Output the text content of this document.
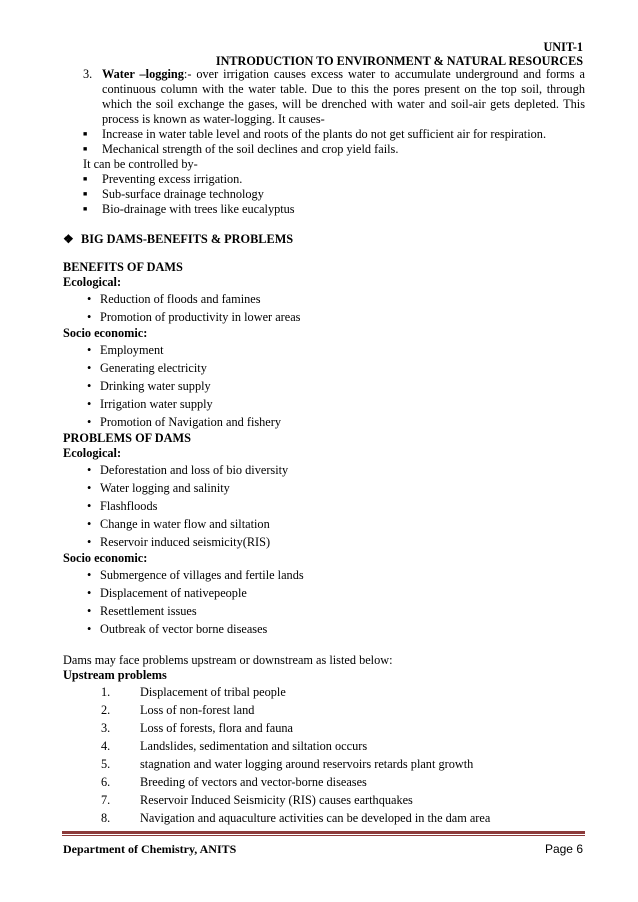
UNIT-1
INTRODUCTION TO ENVIRONMENT & NATURAL RESOURCES
3. Water –logging:- over irrigation causes excess water to accumulate underground and forms a continuous column with the water table. Due to this the pores present on the top soil, through which the soil exchange the gases, will be drenched with water and soil-air gets depleted. This process is known as water-logging. It causes-
■	Increase in water table level and roots of the plants do not get sufficient air for respiration.
■	Mechanical strength of the soil declines and crop yield fails.
It can be controlled by-
■	Preventing excess irrigation.
■	Sub-surface drainage technology
■	Bio-drainage with trees like eucalyptus
❖ BIG DAMS-BENEFITS & PROBLEMS
BENEFITS OF DAMS
Ecological:
• Reduction of floods and famines
• Promotion of productivity in lower areas
Socio economic:
• Employment
• Generating electricity
• Drinking water supply
• Irrigation water supply
• Promotion of Navigation and fishery
PROBLEMS OF DAMS
Ecological:
• Deforestation and loss of bio diversity
• Water logging and salinity
• Flashfloods
• Change in water flow and siltation
• Reservoir induced seismicity(RIS)
Socio economic:
• Submergence of villages and fertile lands
• Displacement of nativepeople
• Resettlement issues
• Outbreak of vector borne diseases
Dams may face problems upstream or downstream as listed below:
Upstream problems
1.	Displacement of tribal people
2.	Loss of non-forest land
3.	Loss of forests, flora and fauna
4.	Landslides, sedimentation and siltation occurs
5.	stagnation and water logging around reservoirs retards plant growth
6.	Breeding of vectors and vector-borne diseases
7.	Reservoir Induced Seismicity (RIS) causes earthquakes
8.	Navigation and aquaculture activities can be developed in the dam area
Department of Chemistry, ANITS	Page 6
